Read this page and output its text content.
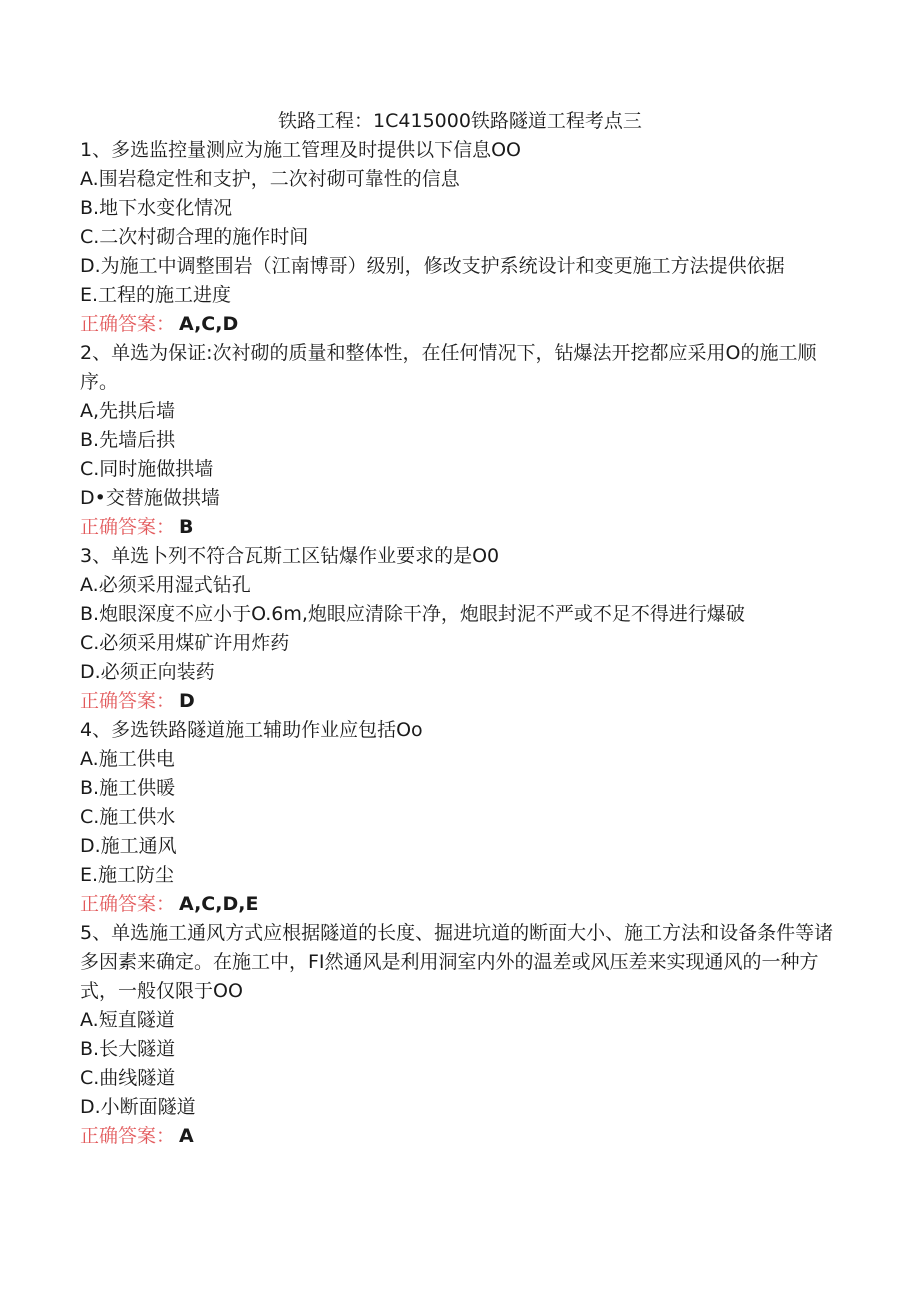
铁路工程：1C415000铁路隧道工程考点三

1、多选监控量测应为施工管理及时提供以下信息OO

A.围岩稳定性和支护，二次衬砌可靠性的信息

B.地下水变化情况

C.二次村砌合理的施作时间

D.为施工中调整围岩（江南博哥）级别，修改支护系统设计和变更施工方法提供依据

E.工程的施工进度

正确答案： A,C,D

2、单选为保证:次衬砌的质量和整体性，在任何情况下，钻爆法开挖都应采用O的施工顺序。

A,先拱后墙

B.先墙后拱

C.同时施做拱墙

D•交替施做拱墙

正确答案： B

3、单选卜列不符合瓦斯工区钻爆作业要求的是O0

A.必须采用湿式钻孔

B.炮眼深度不应小于O.6m,炮眼应清除干净，炮眼封泥不严或不足不得进行爆破

C.必须采用煤矿许用炸药

D.必须正向装药

正确答案： D

4、多选铁路隧道施工辅助作业应包括Oo

A.施工供电

B.施工供暖

C.施工供水

D.施工通风

E.施工防尘

正确答案： A,C,D,E

5、单选施工通风方式应根据隧道的长度、掘进坑道的断面大小、施工方法和设备条件等诸多因素来确定。在施工中，FI然通风是利用洞室内外的温差或风压差来实现通风的一种方式，一般仅限于OO

A.短直隧道

B.长大隧道

C.曲线隧道

D.小断面隧道

正确答案： A
